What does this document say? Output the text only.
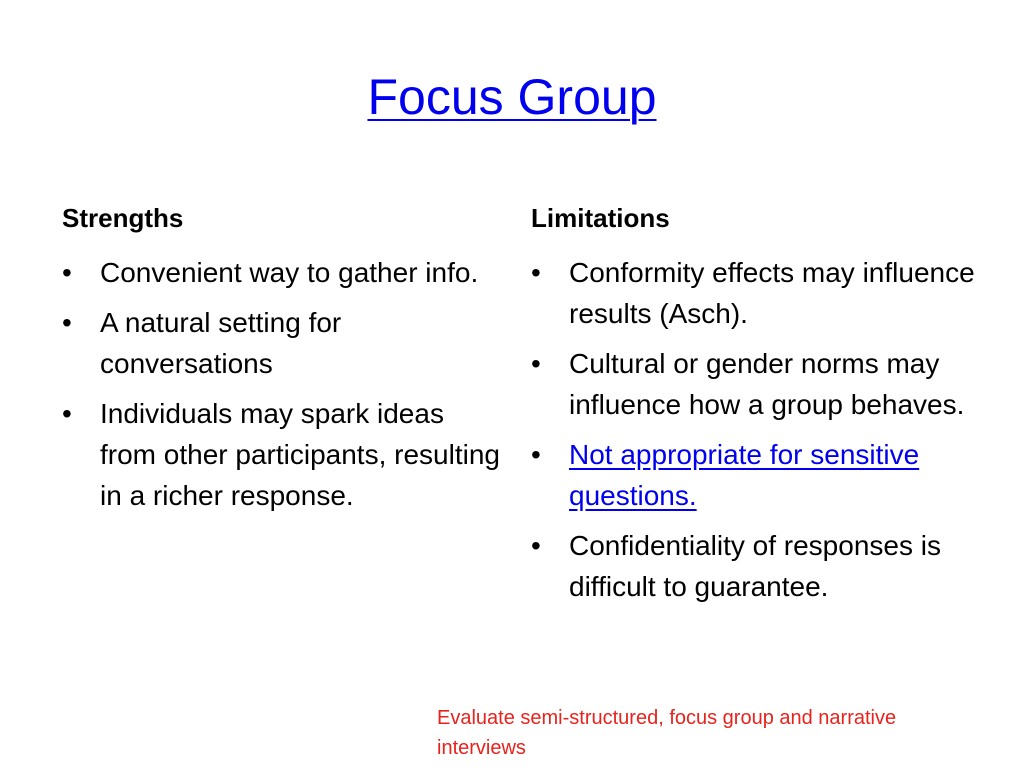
Focus Group
Strengths	Limitations
•	Convenient way to gather info.
•	A natural setting for conversations
•	Individuals may spark ideas from other participants, resulting in a richer response.
•	Conformity effects may influence results (Asch).
•	Cultural or gender norms may influence how a group behaves.
•	Not appropriate for sensitive questions.
•	Confidentiality of responses is difficult to guarantee.
Evaluate semi-structured, focus group and narrative interviews
